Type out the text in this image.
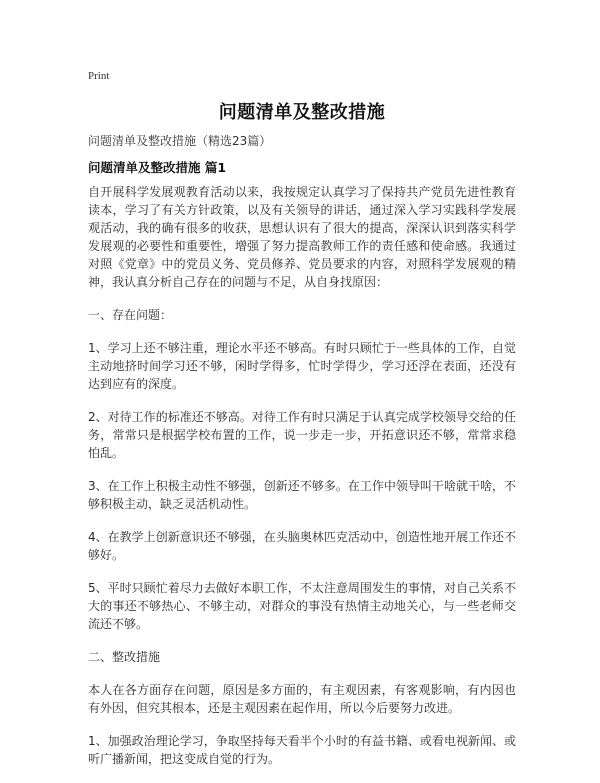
Print
问题清单及整改措施
问题清单及整改措施（精选23篇）
问题清单及整改措施 篇1

自开展科学发展观教育活动以来，我按规定认真学习了保持共产党员先进性教育读本，学习了有关方针政策，以及有关领导的讲话，通过深入学习实践科学发展观活动，我的确有很多的收获，思想认识有了很大的提高，深深认识到落实科学发展观的必要性和重要性，增强了努力提高教师工作的责任感和使命感。我通过对照《党章》中的党员义务、党员修养、党员要求的内容，对照科学发展观的精神，我认真分析自己存在的问题与不足，从自身找原因：

一、存在问题：

1、学习上还不够注重，理论水平还不够高。有时只顾忙于一些具体的工作，自觉主动地挤时间学习还不够，闲时学得多，忙时学得少，学习还浮在表面，还没有达到应有的深度。

2、对待工作的标准还不够高。对待工作有时只满足于认真完成学校领导交给的任务，常常只是根据学校布置的工作，说一步走一步，开拓意识还不够，常常求稳怕乱。

3、在工作上积极主动性不够强，创新还不够多。在工作中领导叫干啥就干啥，不够积极主动，缺乏灵活机动性。

4、在教学上创新意识还不够强，在头脑奥林匹克活动中，创造性地开展工作还不够好。

5、平时只顾忙着尽力去做好本职工作，不太注意周围发生的事情，对自己关系不大的事还不够热心、不够主动，对群众的事没有热情主动地关心，与一些老师交流还不够。

二、整改措施

本人在各方面存在问题，原因是多方面的，有主观因素，有客观影响，有内因也有外因，但究其根本，还是主观因素在起作用，所以今后要努力改进。

1、加强政治理论学习，争取坚持每天看半个小时的有益书籍、或看电视新闻、或听广播新闻，把这变成自觉的行为。
